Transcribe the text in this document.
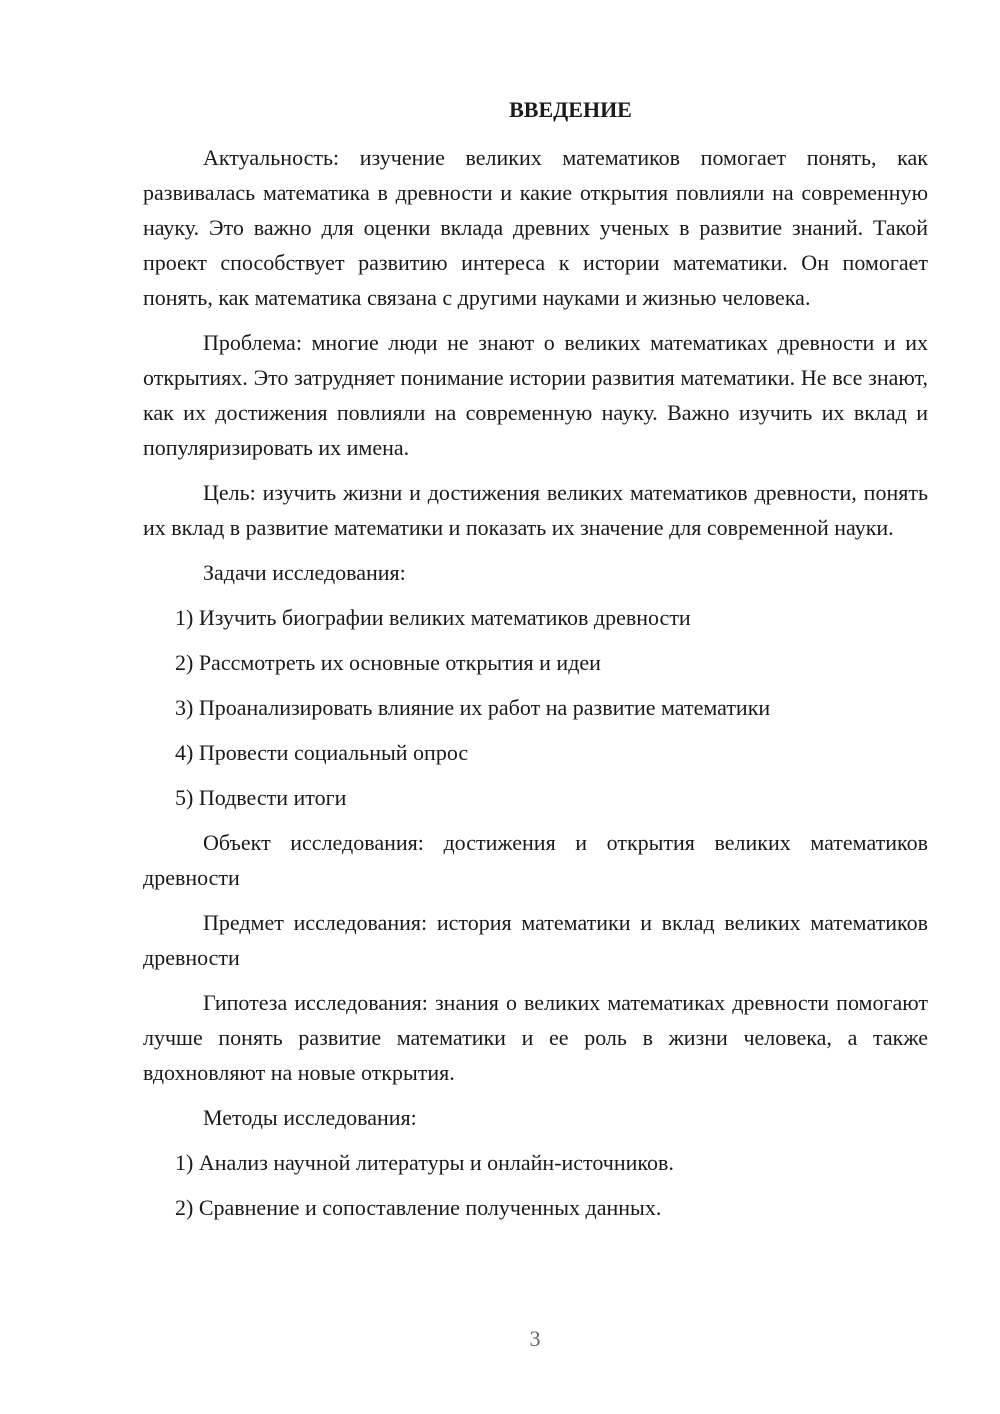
ВВЕДЕНИЕ

Актуальность: изучение великих математиков помогает понять, как развивалась математика в древности и какие открытия повлияли на современную науку. Это важно для оценки вклада древних ученых в развитие знаний. Такой проект способствует развитию интереса к истории математики. Он помогает понять, как математика связана с другими науками и жизнью человека.

Проблема: многие люди не знают о великих математиках древности и их открытиях. Это затрудняет понимание истории развития математики. Не все знают, как их достижения повлияли на современную науку. Важно изучить их вклад и популяризировать их имена.

Цель: изучить жизни и достижения великих математиков древности, понять их вклад в развитие математики и показать их значение для современной науки.

Задачи исследования:

1) Изучить биографии великих математиков древности
2) Рассмотреть их основные открытия и идеи
3) Проанализировать влияние их работ на развитие математики
4) Провести социальный опрос
5) Подвести итоги

Объект исследования: достижения и открытия великих математиков древности

Предмет исследования: история математики и вклад великих математиков древности

Гипотеза исследования: знания о великих математиках древности помогают лучше понять развитие математики и ее роль в жизни человека, а также вдохновляют на новые открытия.

Методы исследования:

1) Анализ научной литературы и онлайн-источников.
2) Сравнение и сопоставление полученных данных.
3
